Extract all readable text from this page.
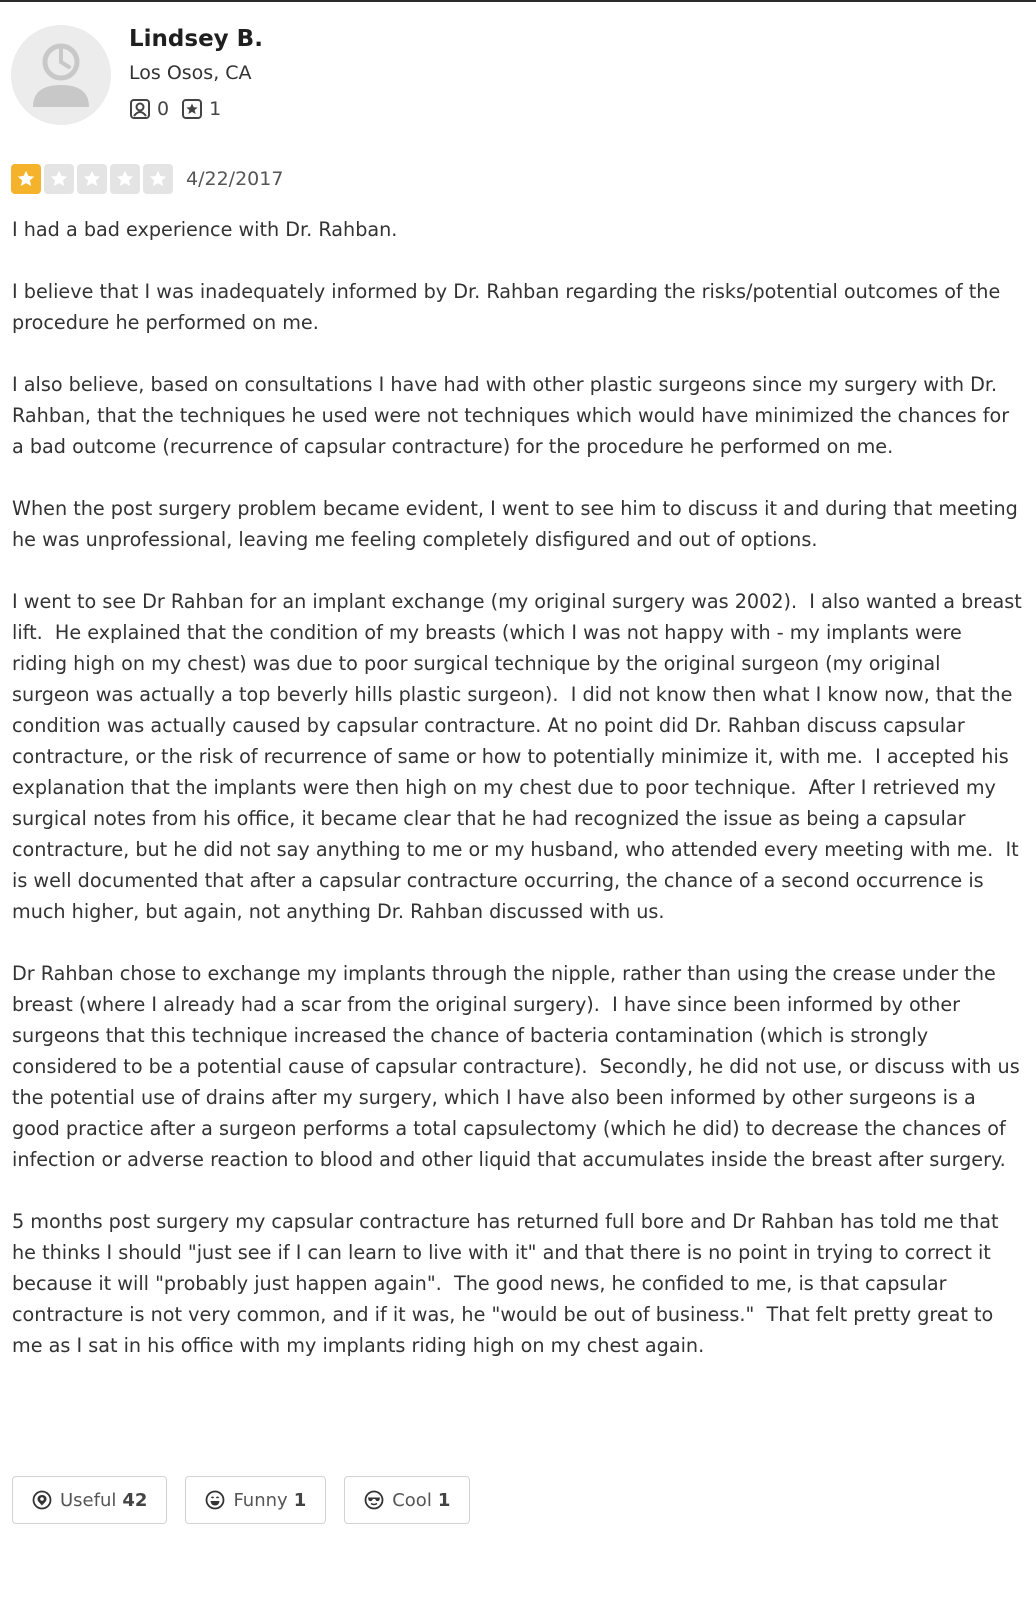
Lindsey B.
Los Osos, CA
0 1
4/22/2017

I had a bad experience with Dr. Rahban.

I believe that I was inadequately informed by Dr. Rahban regarding the risks/potential outcomes of the procedure he performed on me.

I also believe, based on consultations I have had with other plastic surgeons since my surgery with Dr. Rahban, that the techniques he used were not techniques which would have minimized the chances for a bad outcome (recurrence of capsular contracture) for the procedure he performed on me.

When the post surgery problem became evident, I went to see him to discuss it and during that meeting he was unprofessional, leaving me feeling completely disfigured and out of options.

I went to see Dr Rahban for an implant exchange (my original surgery was 2002).  I also wanted a breast lift.  He explained that the condition of my breasts (which I was not happy with - my implants were riding high on my chest) was due to poor surgical technique by the original surgeon (my original surgeon was actually a top beverly hills plastic surgeon).  I did not know then what I know now, that the condition was actually caused by capsular contracture. At no point did Dr. Rahban discuss capsular contracture, or the risk of recurrence of same or how to potentially minimize it, with me.  I accepted his explanation that the implants were then high on my chest due to poor technique.  After I retrieved my surgical notes from his office, it became clear that he had recognized the issue as being a capsular contracture, but he did not say anything to me or my husband, who attended every meeting with me.  It is well documented that after a capsular contracture occurring, the chance of a second occurrence is much higher, but again, not anything Dr. Rahban discussed with us.

Dr Rahban chose to exchange my implants through the nipple, rather than using the crease under the breast (where I already had a scar from the original surgery).  I have since been informed by other surgeons that this technique increased the chance of bacteria contamination (which is strongly considered to be a potential cause of capsular contracture).  Secondly, he did not use, or discuss with us the potential use of drains after my surgery, which I have also been informed by other surgeons is a good practice after a surgeon performs a total capsulectomy (which he did) to decrease the chances of infection or adverse reaction to blood and other liquid that accumulates inside the breast after surgery.

5 months post surgery my capsular contracture has returned full bore and Dr Rahban has told me that he thinks I should "just see if I can learn to live with it" and that there is no point in trying to correct it because it will "probably just happen again".  The good news, he confided to me, is that capsular contracture is not very common, and if it was, he "would be out of business."  That felt pretty great to me as I sat in his office with my implants riding high on my chest again.

Useful 42	Funny 1	Cool 1
